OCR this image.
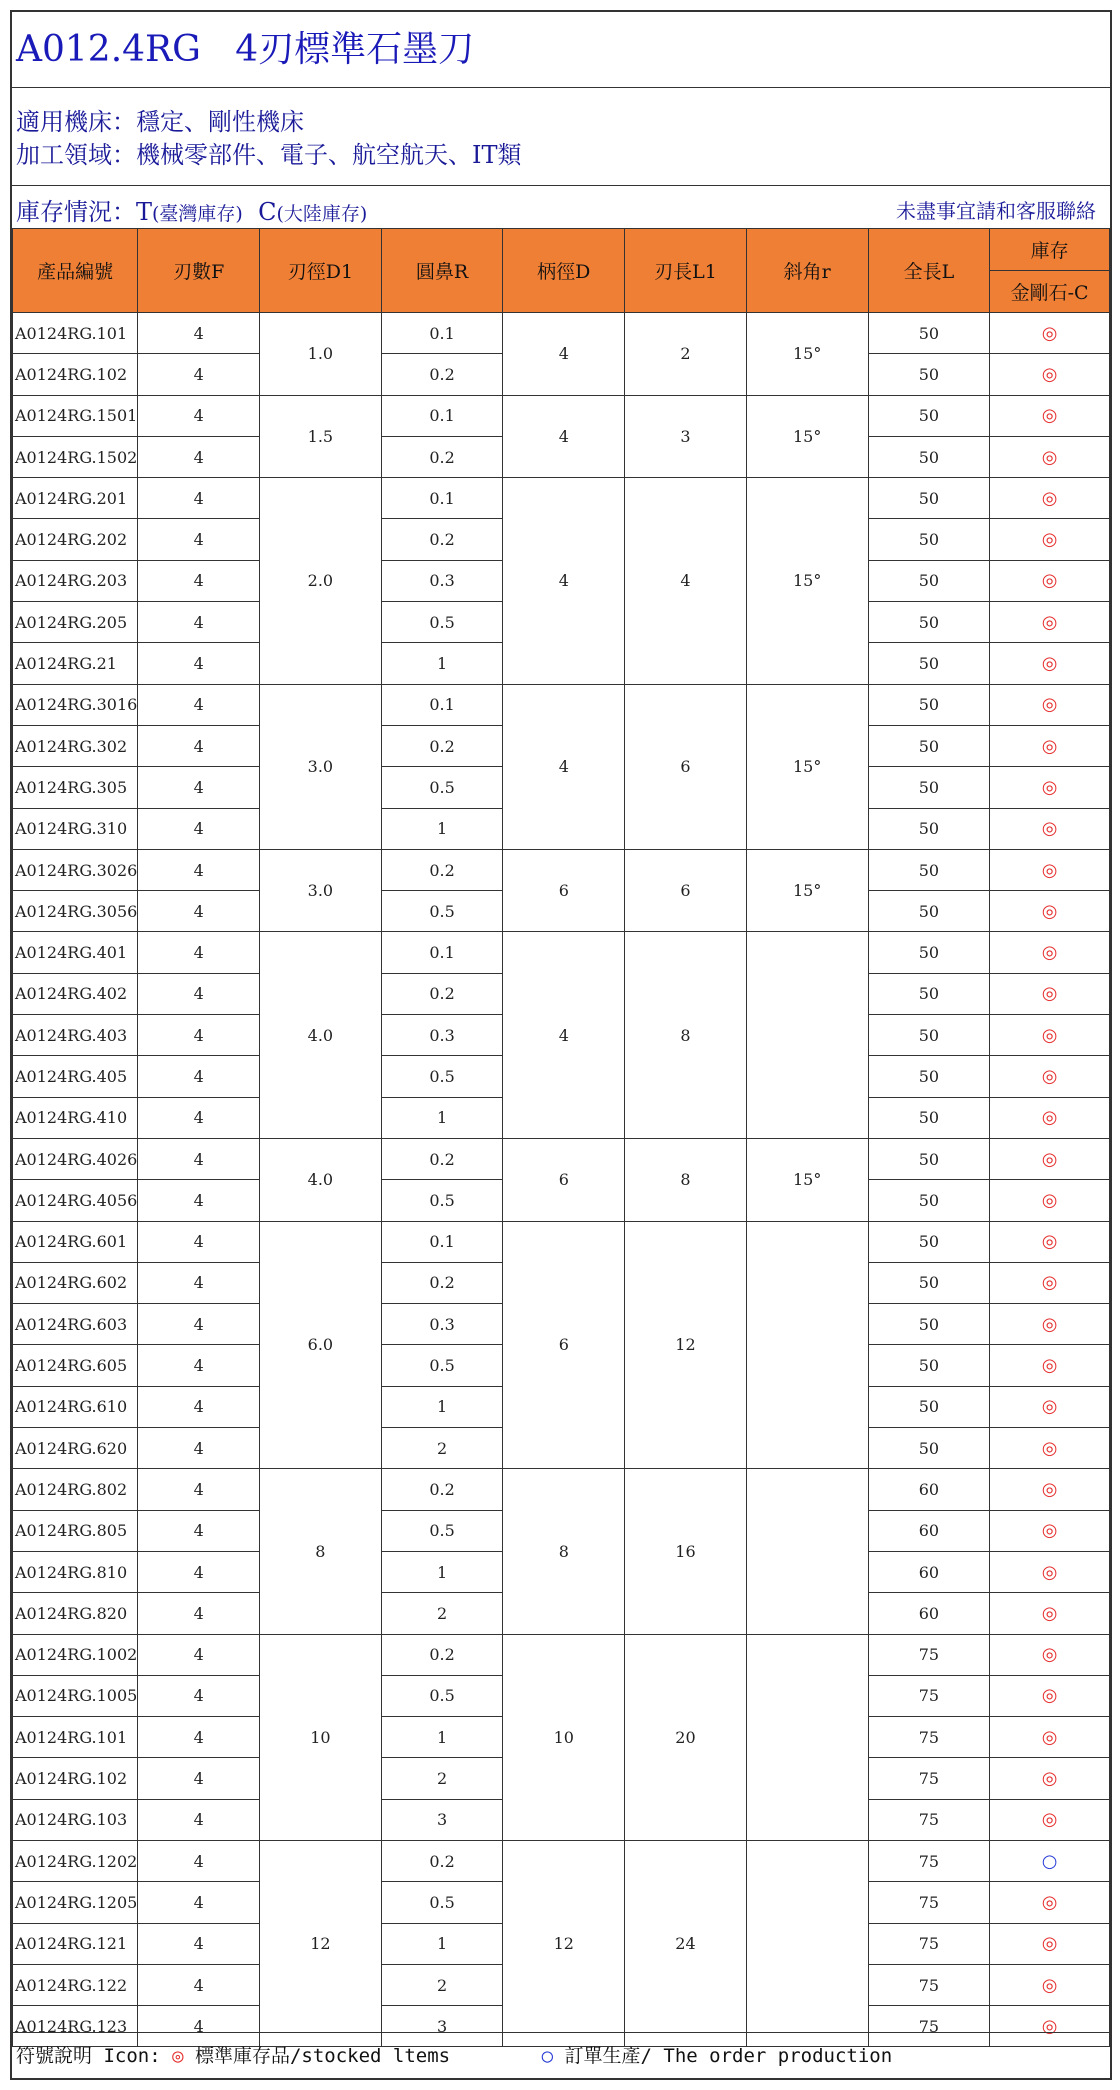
A012.4RG   4刃標準石墨刀
適用機床：穩定、剛性機床
加工領域：機械零部件、電子、航空航天、IT類
庫存情況：T(臺灣庫存)  C(大陸庫存)	未盡事宜請和客服聯絡
產品編號	刃數F	刃徑D1	圓鼻R	柄徑D	刃長L1	斜角r	全長L	庫存
								金剛石-C
A0124RG.101	4	1.0	0.1	4	2	15°	50	◎
A0124RG.102	4		0.2				50	◎
A0124RG.1501	4	1.5	0.1	4	3	15°	50	◎
A0124RG.1502	4		0.2				50	◎
A0124RG.201	4	2.0	0.1	4	4	15°	50	◎
A0124RG.202	4		0.2				50	◎
A0124RG.203	4		0.3				50	◎
A0124RG.205	4		0.5				50	◎
A0124RG.21	4		1				50	◎
A0124RG.3016	4	3.0	0.1	4	6	15°	50	◎
A0124RG.302	4		0.2				50	◎
A0124RG.305	4		0.5				50	◎
A0124RG.310	4		1				50	◎
A0124RG.3026	4	3.0	0.2	6	6	15°	50	◎
A0124RG.3056	4		0.5				50	◎
A0124RG.401	4	4.0	0.1	4	8		50	◎
A0124RG.402	4		0.2				50	◎
A0124RG.403	4		0.3				50	◎
A0124RG.405	4		0.5				50	◎
A0124RG.410	4		1				50	◎
A0124RG.4026	4	4.0	0.2	6	8	15°	50	◎
A0124RG.4056	4		0.5				50	◎
A0124RG.601	4	6.0	0.1	6	12		50	◎
A0124RG.602	4		0.2				50	◎
A0124RG.603	4		0.3				50	◎
A0124RG.605	4		0.5				50	◎
A0124RG.610	4		1				50	◎
A0124RG.620	4		2				50	◎
A0124RG.802	4	8	0.2	8	16		60	◎
A0124RG.805	4		0.5				60	◎
A0124RG.810	4		1				60	◎
A0124RG.820	4		2				60	◎
A0124RG.1002	4	10	0.2	10	20		75	◎
A0124RG.1005	4		0.5				75	◎
A0124RG.101	4		1				75	◎
A0124RG.102	4		2				75	◎
A0124RG.103	4		3				75	◎
A0124RG.1202	4	12	0.2	12	24		75	○
A0124RG.1205	4		0.5				75	◎
A0124RG.121	4		1				75	◎
A0124RG.122	4		2				75	◎
A0124RG.123	4		3				75	◎
符號說明 Icon: ◎ 標準庫存品/stocked ltems	○ 訂單生產/ The order production
